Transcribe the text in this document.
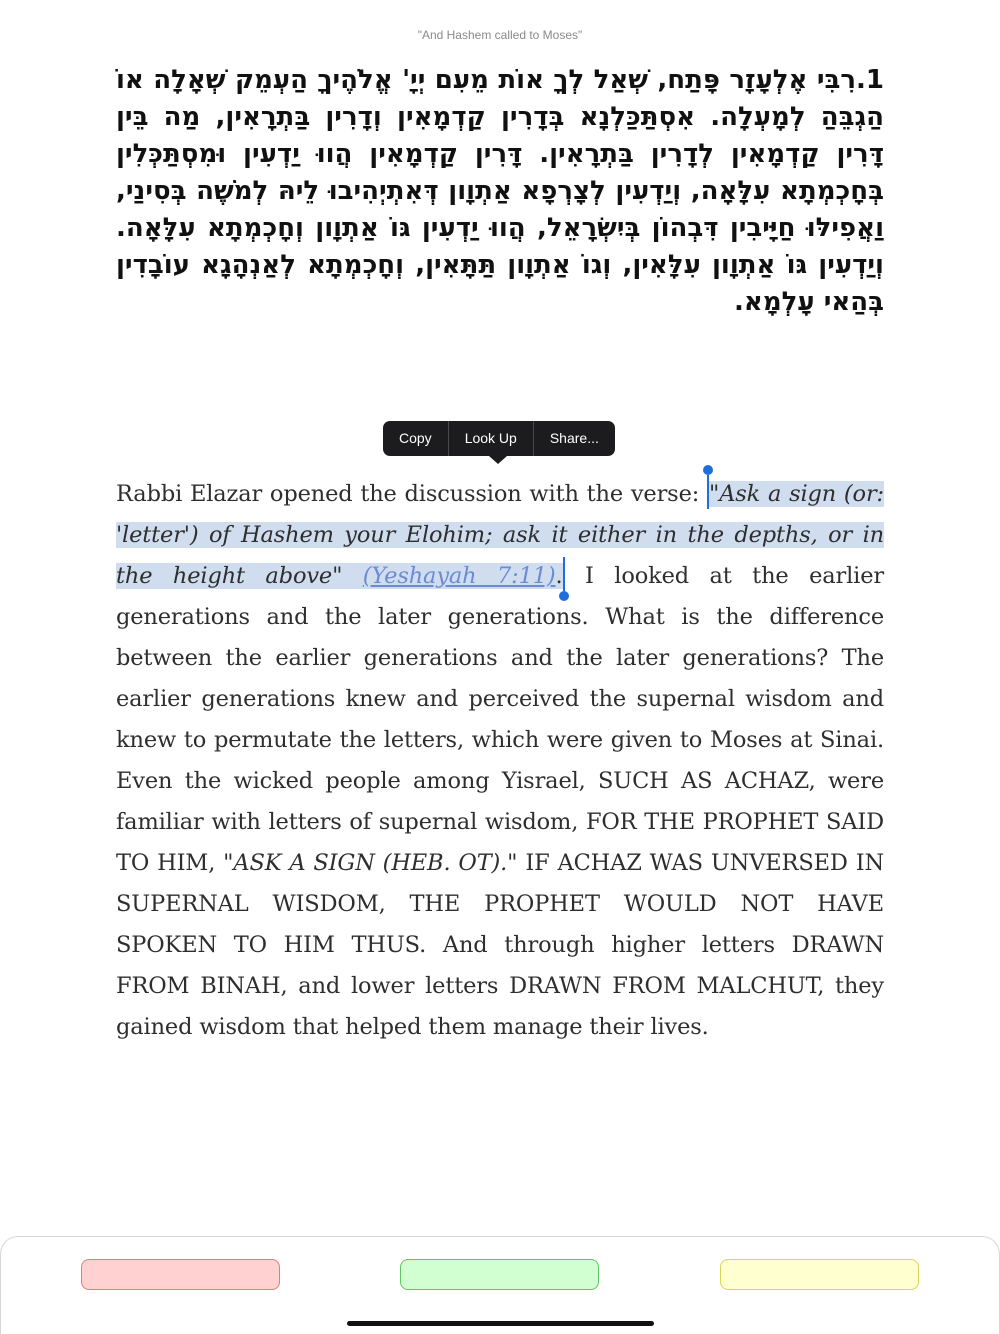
"And Hashem called to Moses"
1.רִבִּי אֶלְעָזָר פָּתַח, שְׁאַל לְךָ אוֹת מֵעִם יְיָ' אֱלֹהֶיךָ הַעְמֵק שְׁאָלָה אוֹ הַגְבֵּהַ לְמָעְלָה. אִסְתַּכַּלְנָא בְּדָרִין קַדְמָאִין וְדָרִין בַּתְרָאִין, מַה בֵּין דָּרִין קַדְמָאִין לְדָרִין בַּתְרָאִין. דָּרִין קַדְמָאִין הֲווּ יַדְעִין וּמִסְתַּכְּלִין בְּחָכְמְתָא עִלָּאָה, וְיַדְעִין לְצָרְפָא אַתְוָון דְּאִתְיְהִיבוּ לֵיהּ לְמֹשֶׁה בְּסִינַי, וַאֲפִילּוּ חַיָּיבִין דִּבְהוֹן בְּיִשְׂרָאֵל, הֲווּ יַדְעִין גּוֹ אַתְוָון וְחָכְמְתָא עִלָּאָה. וְיַדְעִין גּוֹ אַתְוָון עִלָּאִין, וְגוֹ אַתְוָון תַּתָּאִין, וְחָכְמְתָא לְאַנְהָגָא עוֹבָדִין בְּהַאי עָלְמָא.
Copy	Look Up	Share...
Rabbi Elazar opened the discussion with the verse:
"Ask a sign (or: 'letter') of Hashem your Elohim; ask it either in the depths, or in the height above" (Yeshayah 7:11).
I looked at the earlier generations and the later generations. What is the difference between the earlier generations and the later generations? The earlier generations knew and perceived the supernal wisdom and knew to permutate the letters, which were given to Moses at Sinai. Even the wicked people among Yisrael, SUCH AS ACHAZ, were familiar with letters of supernal wisdom, FOR THE PROPHET SAID TO HIM, "ASK A SIGN (HEB. OT)." IF ACHAZ WAS UNVERSED IN SUPERNAL WISDOM, THE PROPHET WOULD NOT HAVE SPOKEN TO HIM THUS. And through higher letters DRAWN FROM BINAH, and lower letters DRAWN FROM MALCHUT, they gained wisdom that helped them manage their lives.
